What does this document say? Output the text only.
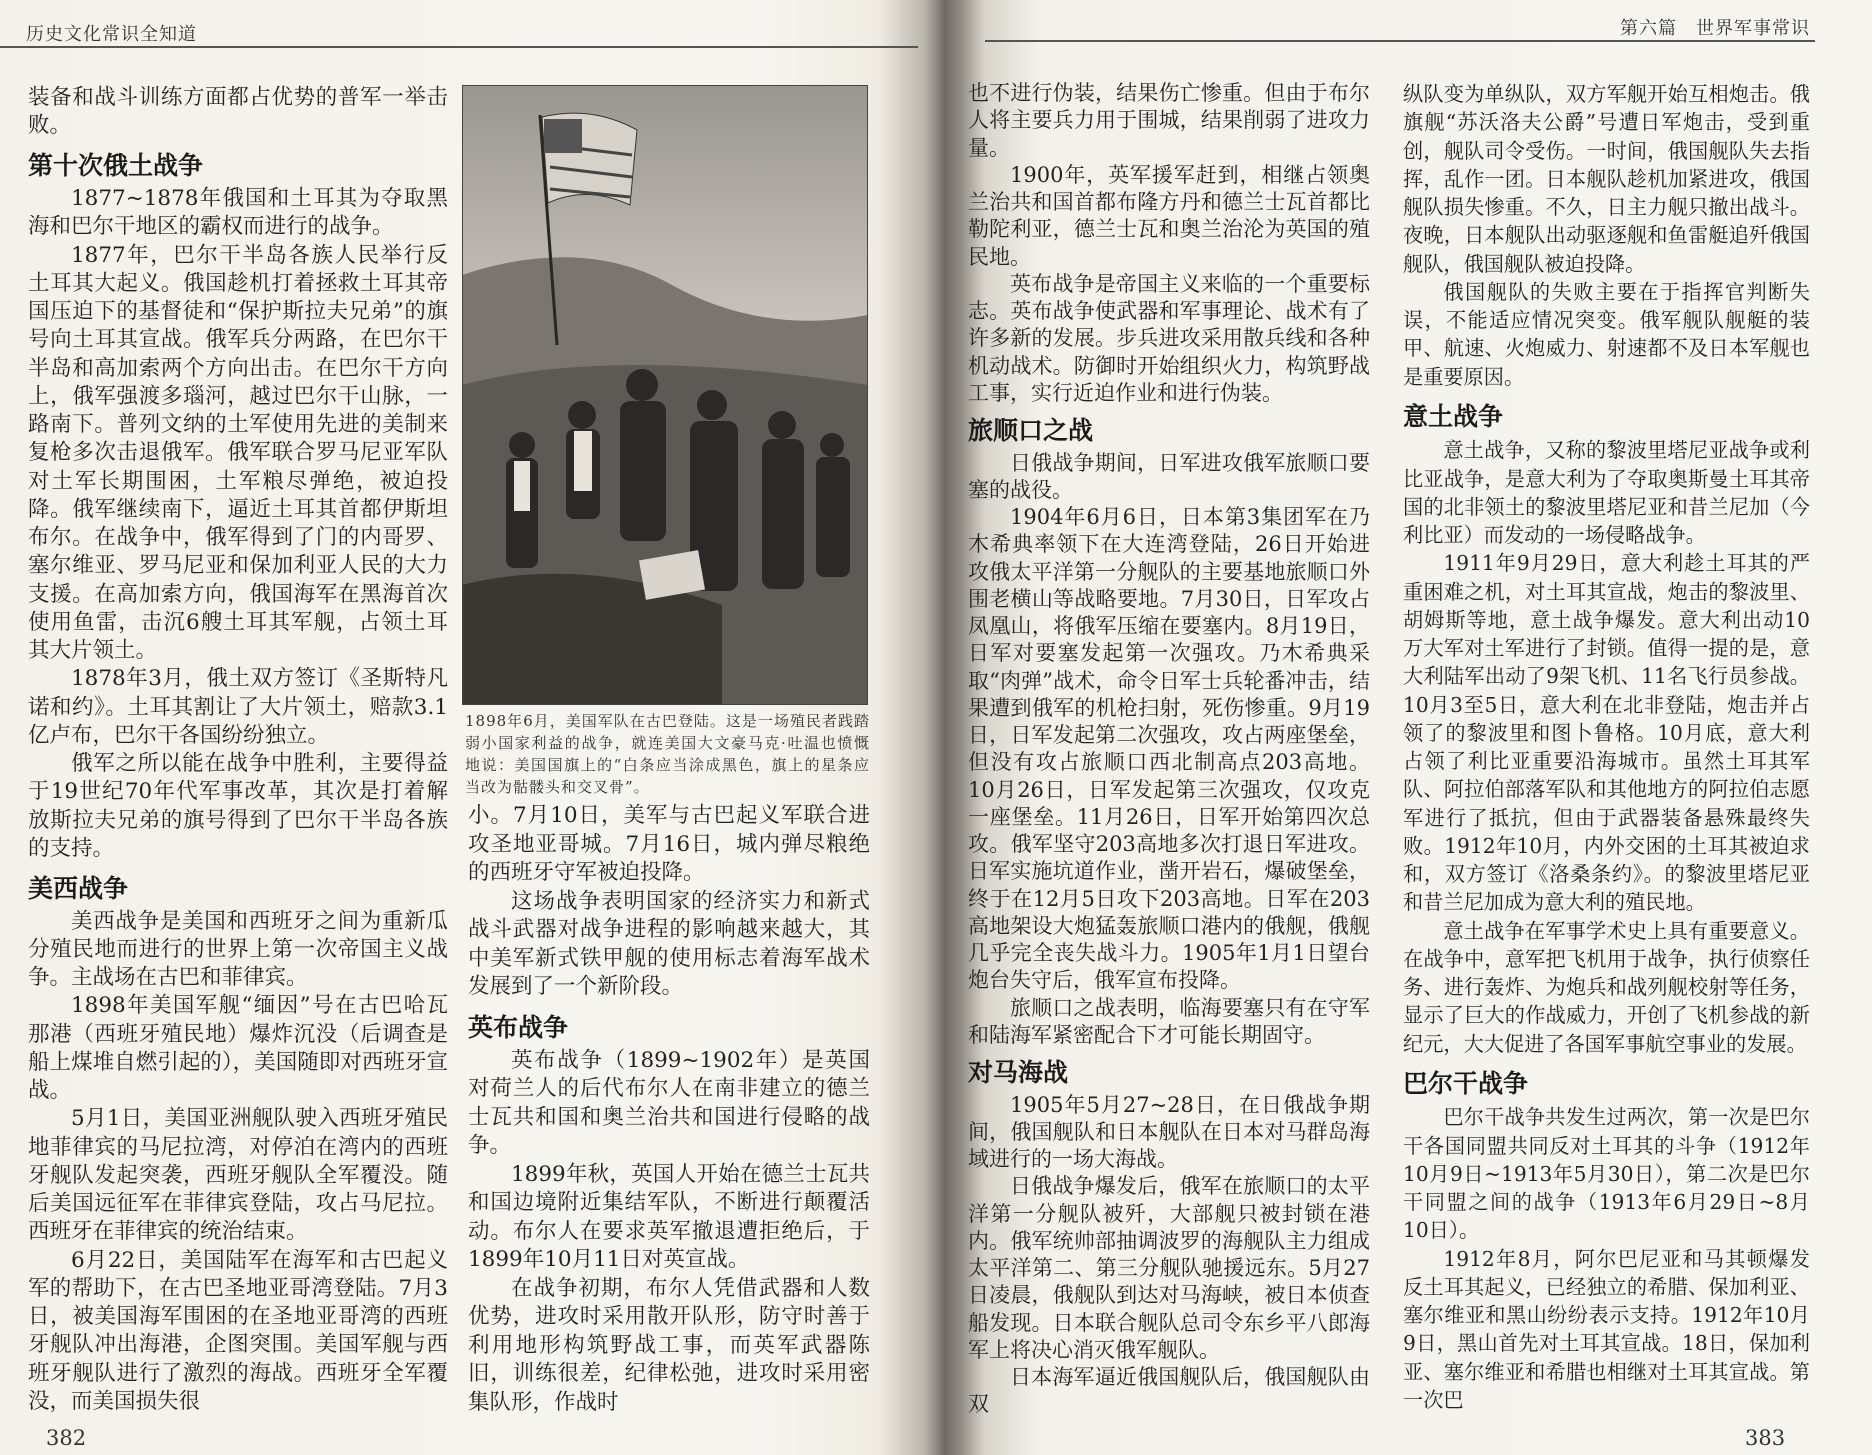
历史文化常识全知道	第六篇　世界军事常识

装备和战斗训练方面都占优势的普军一举击败。

第十次俄土战争

1877~1878年俄国和土耳其为夺取黑海和巴尔干地区的霸权而进行的战争。

1877年，巴尔干半岛各族人民举行反土耳其大起义。俄国趁机打着拯救土耳其帝国压迫下的基督徒和“保护斯拉夫兄弟”的旗号向土耳其宣战。俄军兵分两路，在巴尔干半岛和高加索两个方向出击。在巴尔干方向上，俄军强渡多瑙河，越过巴尔干山脉，一路南下。普列文纳的土军使用先进的美制来复枪多次击退俄军。俄军联合罗马尼亚军队对土军长期围困，土军粮尽弹绝，被迫投降。俄军继续南下，逼近土耳其首都伊斯坦布尔。在战争中，俄军得到了门的内哥罗、塞尔维亚、罗马尼亚和保加利亚人民的大力支援。在高加索方向，俄国海军在黑海首次使用鱼雷，击沉6艘土耳其军舰，占领土耳其大片领土。

1878年3月，俄土双方签订《圣斯特凡诺和约》。土耳其割让了大片领土，赔款3.1亿卢布，巴尔干各国纷纷独立。

俄军之所以能在战争中胜利，主要得益于19世纪70年代军事改革，其次是打着解放斯拉夫兄弟的旗号得到了巴尔干半岛各族的支持。

美西战争

美西战争是美国和西班牙之间为重新瓜分殖民地而进行的世界上第一次帝国主义战争。主战场在古巴和菲律宾。

1898年美国军舰“缅因”号在古巴哈瓦那港（西班牙殖民地）爆炸沉没（后调查是船上煤堆自燃引起的），美国随即对西班牙宣战。

5月1日，美国亚洲舰队驶入西班牙殖民地菲律宾的马尼拉湾，对停泊在湾内的西班牙舰队发起突袭，西班牙舰队全军覆没。随后美国远征军在菲律宾登陆，攻占马尼拉。西班牙在菲律宾的统治结束。

6月22日，美国陆军在海军和古巴起义军的帮助下，在古巴圣地亚哥湾登陆。7月3日，被美国海军围困的在圣地亚哥湾的西班牙舰队冲出海港，企图突围。美国军舰与西班牙舰队进行了激烈的海战。西班牙全军覆没，而美国损失很

1898年6月，美国军队在古巴登陆。这是一场殖民者践踏弱小国家利益的战争，就连美国大文豪马克·吐温也愤慨地说：美国国旗上的“白条应当涂成黑色，旗上的星条应当改为骷髅头和交叉骨”。

小。7月10日，美军与古巴起义军联合进攻圣地亚哥城。7月16日，城内弹尽粮绝的西班牙守军被迫投降。

这场战争表明国家的经济实力和新式战斗武器对战争进程的影响越来越大，其中美军新式铁甲舰的使用标志着海军战术发展到了一个新阶段。

英布战争

英布战争（1899~1902年）是英国对荷兰人的后代布尔人在南非建立的德兰士瓦共和国和奥兰治共和国进行侵略的战争。

1899年秋，英国人开始在德兰士瓦共和国边境附近集结军队，不断进行颠覆活动。布尔人在要求英军撤退遭拒绝后，于1899年10月11日对英宣战。

在战争初期，布尔人凭借武器和人数优势，进攻时采用散开队形，防守时善于利用地形构筑野战工事，而英军武器陈旧，训练很差，纪律松弛，进攻时采用密集队形，作战时

也不进行伪装，结果伤亡惨重。但由于布尔人将主要兵力用于围城，结果削弱了进攻力量。

1900年，英军援军赶到，相继占领奥兰治共和国首都布隆方丹和德兰士瓦首都比勒陀利亚，德兰士瓦和奥兰治沦为英国的殖民地。

英布战争是帝国主义来临的一个重要标志。英布战争使武器和军事理论、战术有了许多新的发展。步兵进攻采用散兵线和各种机动战术。防御时开始组织火力，构筑野战工事，实行近迫作业和进行伪装。

旅顺口之战

日俄战争期间，日军进攻俄军旅顺口要塞的战役。

1904年6月6日，日本第3集团军在乃木希典率领下在大连湾登陆，26日开始进攻俄太平洋第一分舰队的主要基地旅顺口外围老横山等战略要地。7月30日，日军攻占凤凰山，将俄军压缩在要塞内。8月19日，日军对要塞发起第一次强攻。乃木希典采取“肉弹”战术，命令日军士兵轮番冲击，结果遭到俄军的机枪扫射，死伤惨重。9月19日，日军发起第二次强攻，攻占两座堡垒，但没有攻占旅顺口西北制高点203高地。10月26日，日军发起第三次强攻，仅攻克一座堡垒。11月26日，日军开始第四次总攻。俄军坚守203高地多次打退日军进攻。日军实施坑道作业，凿开岩石，爆破堡垒，终于在12月5日攻下203高地。日军在203高地架设大炮猛轰旅顺口港内的俄舰，俄舰几乎完全丧失战斗力。1905年1月1日望台炮台失守后，俄军宣布投降。

旅顺口之战表明，临海要塞只有在守军和陆海军紧密配合下才可能长期固守。

对马海战

1905年5月27~28日，在日俄战争期间，俄国舰队和日本舰队在日本对马群岛海域进行的一场大海战。

日俄战争爆发后，俄军在旅顺口的太平洋第一分舰队被歼，大部舰只被封锁在港内。俄军统帅部抽调波罗的海舰队主力组成太平洋第二、第三分舰队驰援远东。5月27日凌晨，俄舰队到达对马海峡，被日本侦查船发现。日本联合舰队总司令东乡平八郎海军上将决心消灭俄军舰队。

日本海军逼近俄国舰队后，俄国舰队由双

纵队变为单纵队，双方军舰开始互相炮击。俄旗舰“苏沃洛夫公爵”号遭日军炮击，受到重创，舰队司令受伤。一时间，俄国舰队失去指挥，乱作一团。日本舰队趁机加紧进攻，俄国舰队损失惨重。不久，日主力舰只撤出战斗。夜晚，日本舰队出动驱逐舰和鱼雷艇追歼俄国舰队，俄国舰队被迫投降。

俄国舰队的失败主要在于指挥官判断失误，不能适应情况突变。俄军舰队舰艇的装甲、航速、火炮威力、射速都不及日本军舰也是重要原因。

意土战争

意土战争，又称的黎波里塔尼亚战争或利比亚战争，是意大利为了夺取奥斯曼土耳其帝国的北非领土的黎波里塔尼亚和昔兰尼加（今利比亚）而发动的一场侵略战争。

1911年9月29日，意大利趁土耳其的严重困难之机，对土耳其宣战，炮击的黎波里、胡姆斯等地，意土战争爆发。意大利出动10万大军对土军进行了封锁。值得一提的是，意大利陆军出动了9架飞机、11名飞行员参战。10月3至5日，意大利在北非登陆，炮击并占领了的黎波里和图卜鲁格。10月底，意大利占领了利比亚重要沿海城市。虽然土耳其军队、阿拉伯部落军队和其他地方的阿拉伯志愿军进行了抵抗，但由于武器装备悬殊最终失败。1912年10月，内外交困的土耳其被迫求和，双方签订《洛桑条约》。的黎波里塔尼亚和昔兰尼加成为意大利的殖民地。

意土战争在军事学术史上具有重要意义。在战争中，意军把飞机用于战争，执行侦察任务、进行轰炸、为炮兵和战列舰校射等任务，显示了巨大的作战威力，开创了飞机参战的新纪元，大大促进了各国军事航空事业的发展。

巴尔干战争

巴尔干战争共发生过两次，第一次是巴尔干各国同盟共同反对土耳其的斗争（1912年10月9日~1913年5月30日），第二次是巴尔干同盟之间的战争（1913年6月29日~8月10日）。

1912年8月，阿尔巴尼亚和马其顿爆发反土耳其起义，已经独立的希腊、保加利亚、塞尔维亚和黑山纷纷表示支持。1912年10月9日，黑山首先对土耳其宣战。18日，保加利亚、塞尔维亚和希腊也相继对土耳其宣战。第一次巴

382	383
